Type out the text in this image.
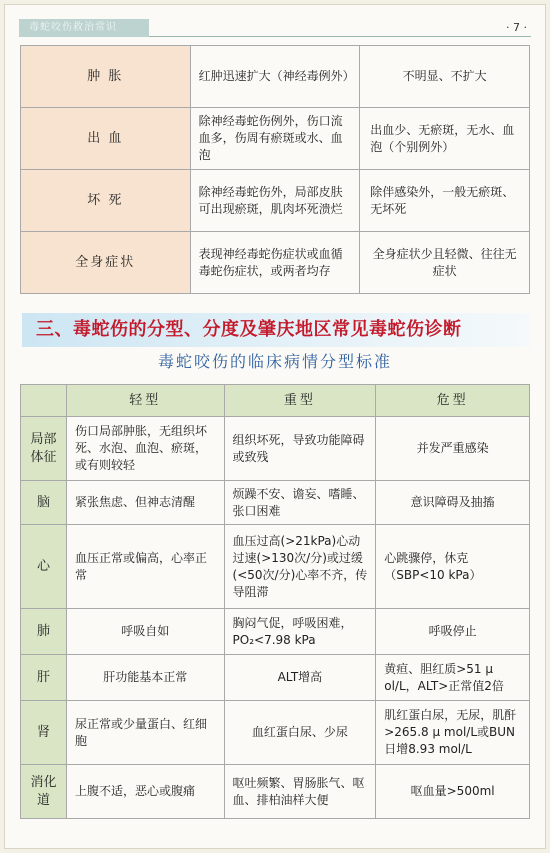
毒蛇咬伤救治常识	· 7 ·
肿 胀	红肿迅速扩大（神经毒例外）	不明显、不扩大
出 血	除神经毒蛇伤例外，伤口流血多，伤周有瘀斑或水、血泡	出血少、无瘀斑，无水、血泡（个别例外）
坏 死	除神经毒蛇伤外，局部皮肤可出现瘀斑，肌肉坏死溃烂	除伴感染外，一般无瘀斑、无坏死
全身症状	表现神经毒蛇伤症状或血循毒蛇伤症状，或两者均存	全身症状少且轻微、往往无症状
三、毒蛇伤的分型、分度及肇庆地区常见毒蛇伤诊断
毒蛇咬伤的临床病情分型标准
	轻型	重型	危型
局部体征	伤口局部肿胀，无组织坏死、水泡、血泡、瘀斑，或有则较轻	组织坏死，导致功能障碍或致残	并发严重感染
脑	紧张焦虑、但神志清醒	烦躁不安、谵妄、嗜睡、张口困难	意识障碍及抽搐
心	血压正常或偏高，心率正常	血压过高(>21kPa)心动过速(>130次/分)或过缓(<50次/分)心率不齐，传导阻滞	心跳骤停，休克（SBP<10 kPa）
肺	呼吸自如	胸闷气促，呼吸困难，PO₂<7.98 kPa	呼吸停止
肝	肝功能基本正常	ALT增高	黄疸、胆红质>51 μ ol/L，ALT>正常值2倍
肾	尿正常或少量蛋白、红细胞	血红蛋白尿、少尿	肌红蛋白尿，无尿，肌酐>265.8 μ mol/L或BUN日增8.93 mol/L
消化道	上腹不适，恶心或腹痛	呕吐频繁、胃肠胀气、呕血、排柏油样大便	呕血量>500ml
